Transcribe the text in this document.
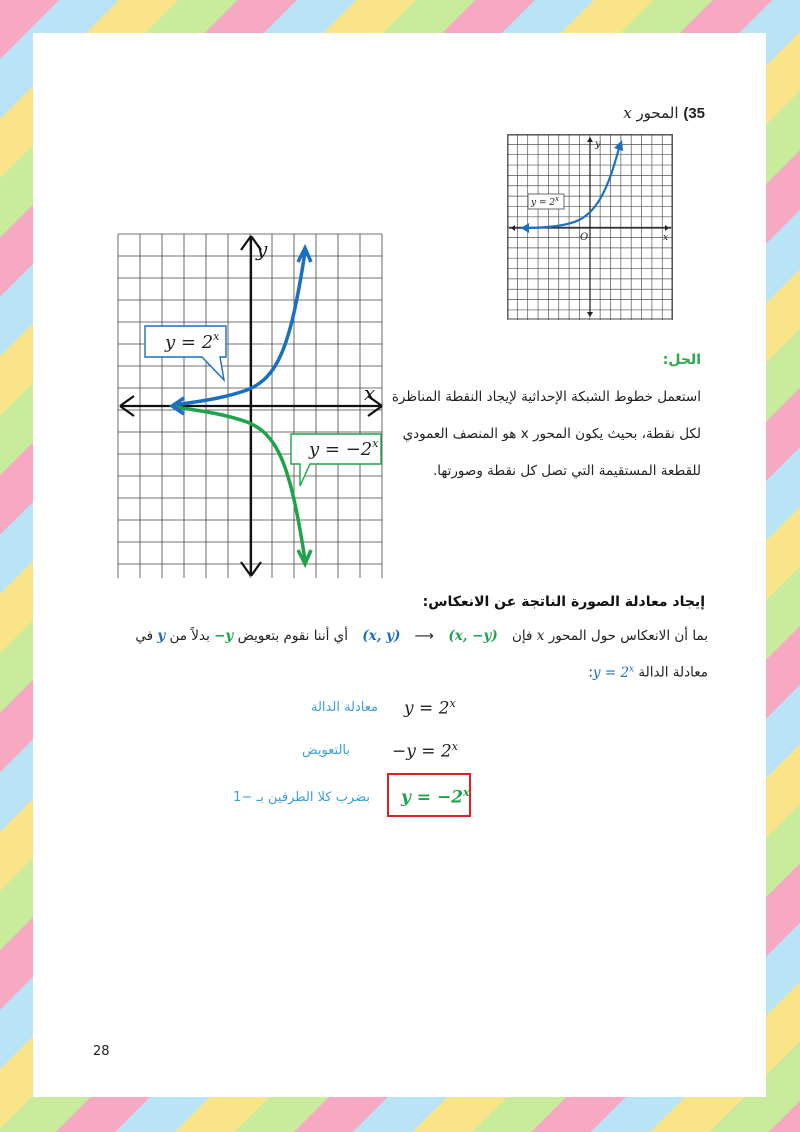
35) المحور x
$y = 2^x$
y
x
O
y
x
$y = 2^x$
$y = -2^x$
الحل:
استعمل خطوط الشبكة الإحداثية لإيجاد النقطة المناظرة
لكل نقطة، بحيث يكون المحور x هو المنصف العمودي
للقطعة المستقيمة التي تصل كل نقطة وصورتها.
إيجاد معادلة الصورة الناتجة عن الانعكاس:
بما أن الانعكاس حول المحور x فإن (x, −y) ⟶ (x, y) أي أننا نقوم بتعويض −y بدلاً من y في
معادلة الدالة $y = 2^x$:
$y = 2^x$
معادلة الدالة
$-y = 2^x$
بالتعويض
$y = -2^x$
بضرب كلا الطرفين بـ −1
28
